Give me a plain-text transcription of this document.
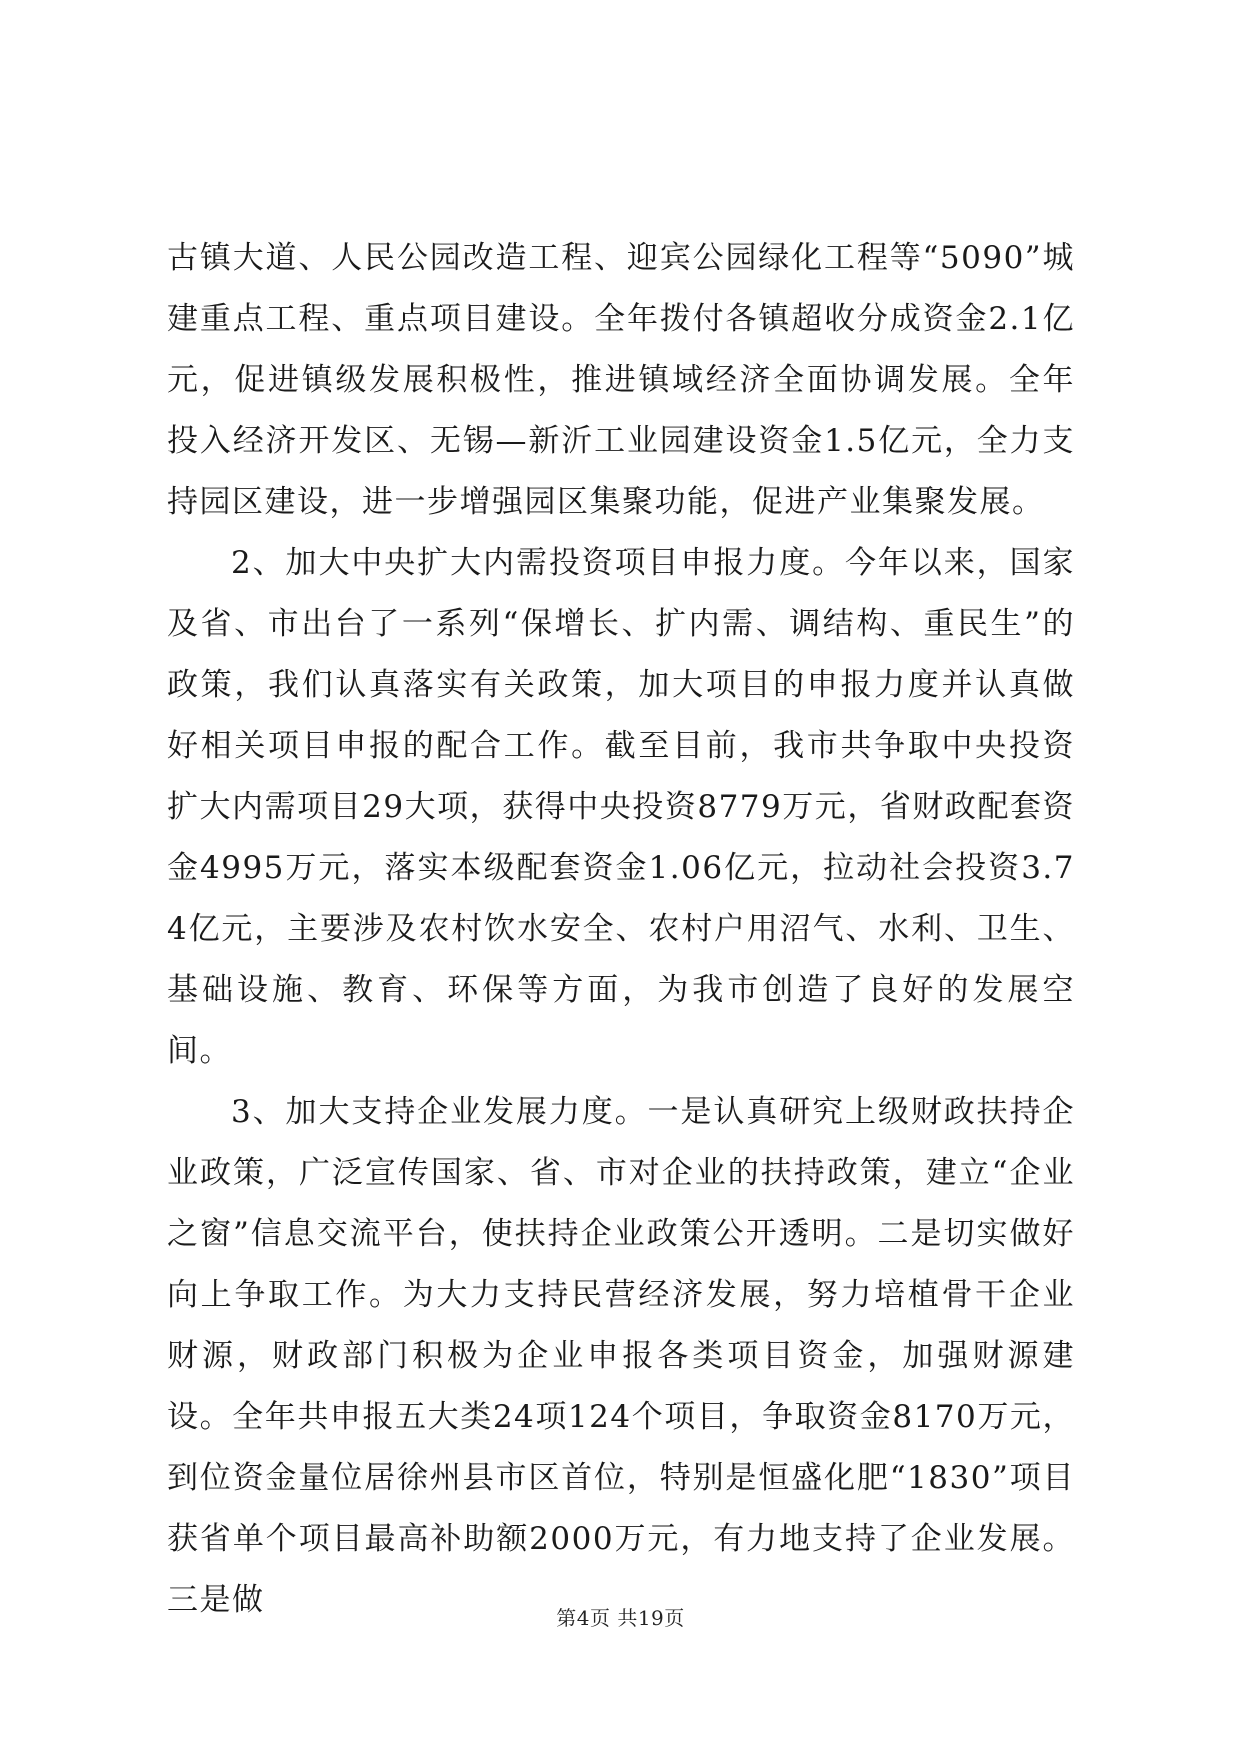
古镇大道、人民公园改造工程、迎宾公园绿化工程等“5090”城建重点工程、重点项目建设。全年拨付各镇超收分成资金2.1亿元，促进镇级发展积极性，推进镇域经济全面协调发展。全年投入经济开发区、无锡—新沂工业园建设资金1.5亿元，全力支持园区建设，进一步增强园区集聚功能，促进产业集聚发展。

2、加大中央扩大内需投资项目申报力度。今年以来，国家及省、市出台了一系列“保增长、扩内需、调结构、重民生”的政策，我们认真落实有关政策，加大项目的申报力度并认真做好相关项目申报的配合工作。截至目前，我市共争取中央投资扩大内需项目29大项，获得中央投资8779万元，省财政配套资金4995万元，落实本级配套资金1.06亿元，拉动社会投资3.74亿元，主要涉及农村饮水安全、农村户用沼气、水利、卫生、基础设施、教育、环保等方面，为我市创造了良好的发展空间。

3、加大支持企业发展力度。一是认真研究上级财政扶持企业政策，广泛宣传国家、省、市对企业的扶持政策，建立“企业之窗”信息交流平台，使扶持企业政策公开透明。二是切实做好向上争取工作。为大力支持民营经济发展，努力培植骨干企业财源，财政部门积极为企业申报各类项目资金，加强财源建设。全年共申报五大类24项124个项目，争取资金8170万元，到位资金量位居徐州县市区首位，特别是恒盛化肥“1830”项目获省单个项目最高补助额2000万元，有力地支持了企业发展。三是做	第4页 共19页
